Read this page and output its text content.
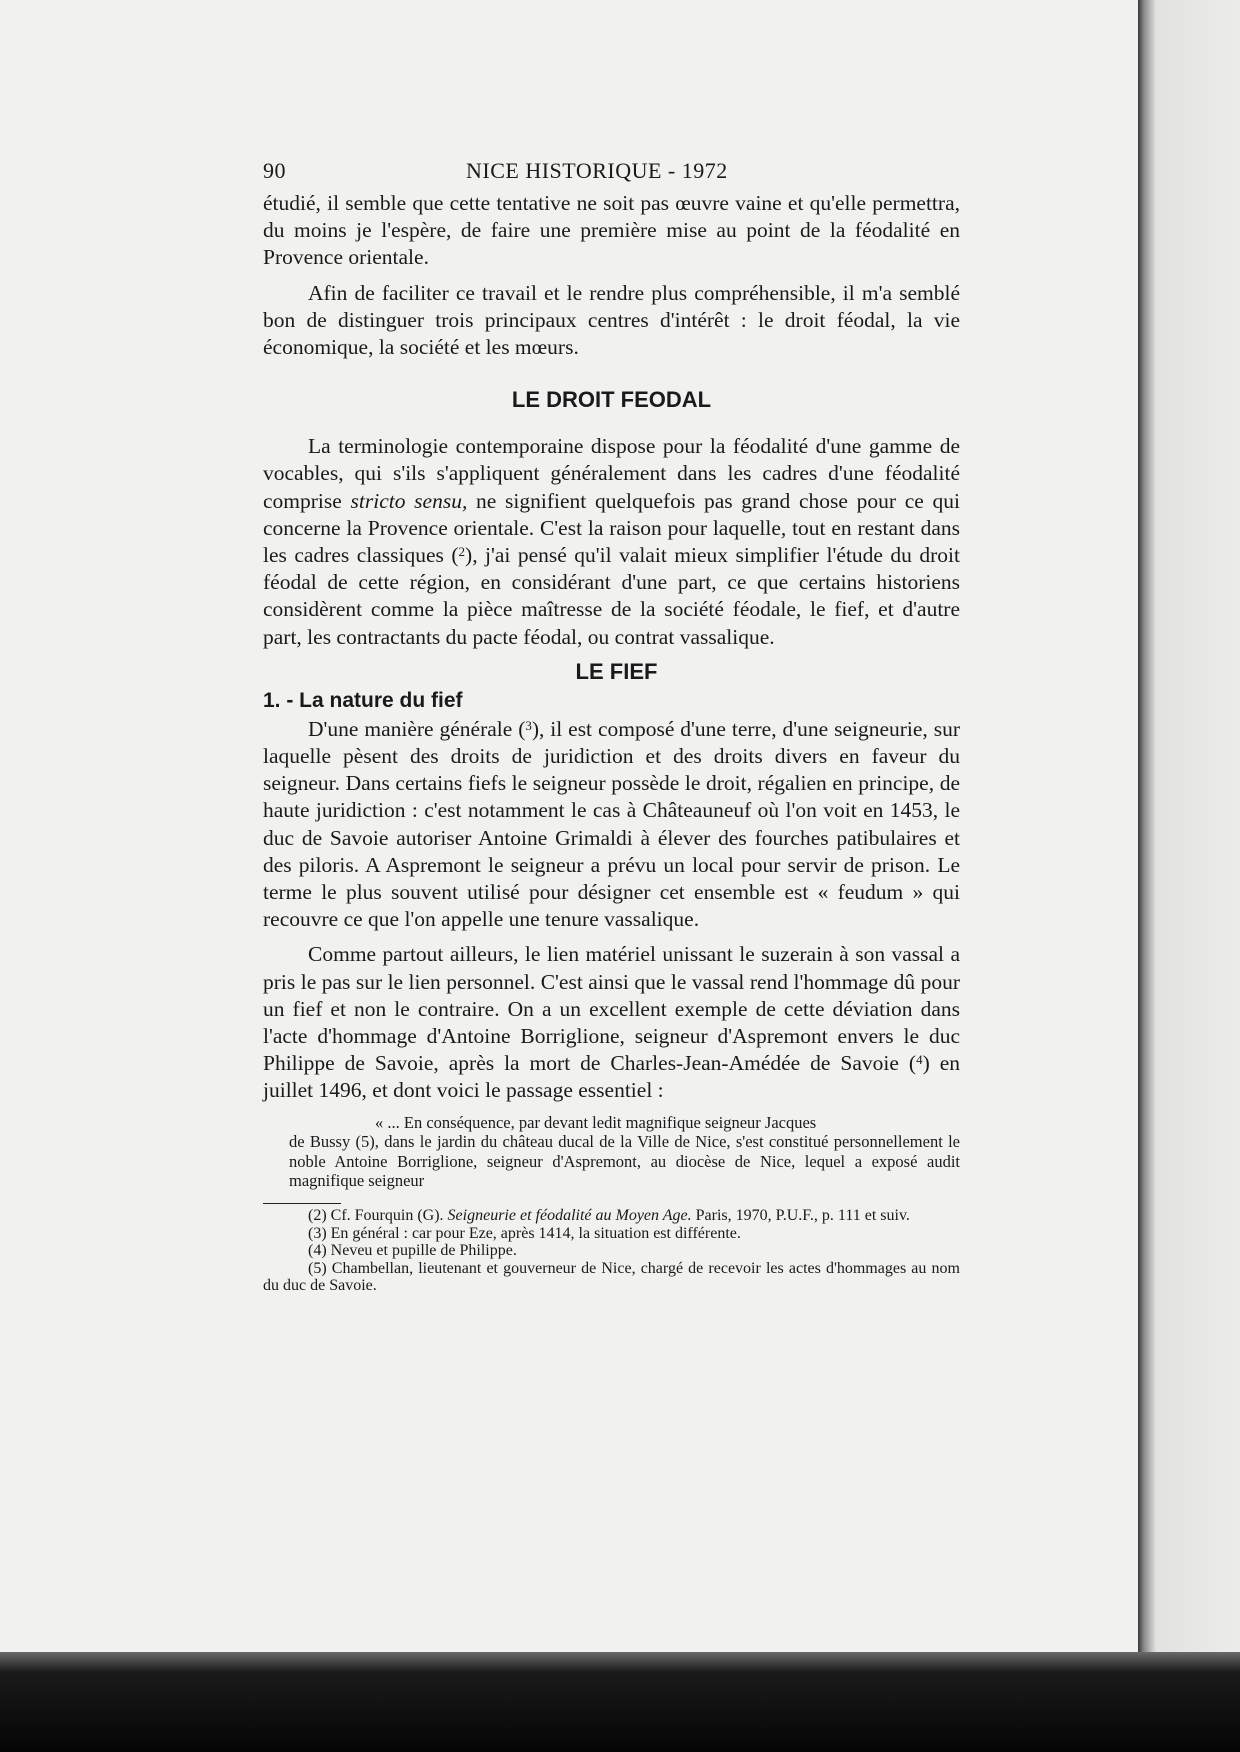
90	NICE HISTORIQUE - 1972

étudié, il semble que cette tentative ne soit pas œuvre vaine et qu'elle permettra, du moins je l'espère, de faire une première mise au point de la féodalité en Provence orientale.

Afin de faciliter ce travail et le rendre plus compréhensible, il m'a semblé bon de distinguer trois principaux centres d'intérêt : le droit féodal, la vie économique, la société et les mœurs.

LE DROIT FEODAL

La terminologie contemporaine dispose pour la féodalité d'une gamme de vocables, qui s'ils s'appliquent généralement dans les cadres d'une féodalité comprise stricto sensu, ne signifient quelquefois pas grand chose pour ce qui concerne la Provence orientale. C'est la raison pour laquelle, tout en restant dans les cadres classiques ($^2$), j'ai pensé qu'il valait mieux simplifier l'étude du droit féodal de cette région, en considérant d'une part, ce que certains historiens considèrent comme la pièce maîtresse de la société féodale, le fief, et d'autre part, les contractants du pacte féodal, ou contrat vassalique.

LE FIEF
1. - La nature du fief

D'une manière générale ($^3$), il est composé d'une terre, d'une seigneurie, sur laquelle pèsent des droits de juridiction et des droits divers en faveur du seigneur. Dans certains fiefs le seigneur possède le droit, régalien en principe, de haute juridiction : c'est notamment le cas à Châteauneuf où l'on voit en 1453, le duc de Savoie autoriser Antoine Grimaldi à élever des fourches patibulaires et des piloris. A Aspremont le seigneur a prévu un local pour servir de prison. Le terme le plus souvent utilisé pour désigner cet ensemble est « feudum » qui recouvre ce que l'on appelle une tenure vassalique.

Comme partout ailleurs, le lien matériel unissant le suzerain à son vassal a pris le pas sur le lien personnel. C'est ainsi que le vassal rend l'hommage dû pour un fief et non le contraire. On a un excellent exemple de cette déviation dans l'acte d'hommage d'Antoine Borriglione, seigneur d'Aspremont envers le duc Philippe de Savoie, après la mort de Charles-Jean-Amédée de Savoie ($^4$) en juillet 1496, et dont voici le passage essentiel :

« ... En conséquence, par devant ledit magnifique seigneur Jacques
de Bussy (5), dans le jardin du château ducal de la Ville de Nice, s'est constitué personnellement le noble Antoine Borriglione, seigneur d'Aspremont, au diocèse de Nice, lequel a exposé audit magnifique seigneur
(2) Cf. Fourquin (G). Seigneurie et féodalité au Moyen Age. Paris, 1970, P.U.F., p. 111 et suiv.
(3) En général : car pour Eze, après 1414, la situation est différente.
(4) Neveu et pupille de Philippe.
(5) Chambellan, lieutenant et gouverneur de Nice, chargé de recevoir les actes d'hommages au nom du duc de Savoie.
